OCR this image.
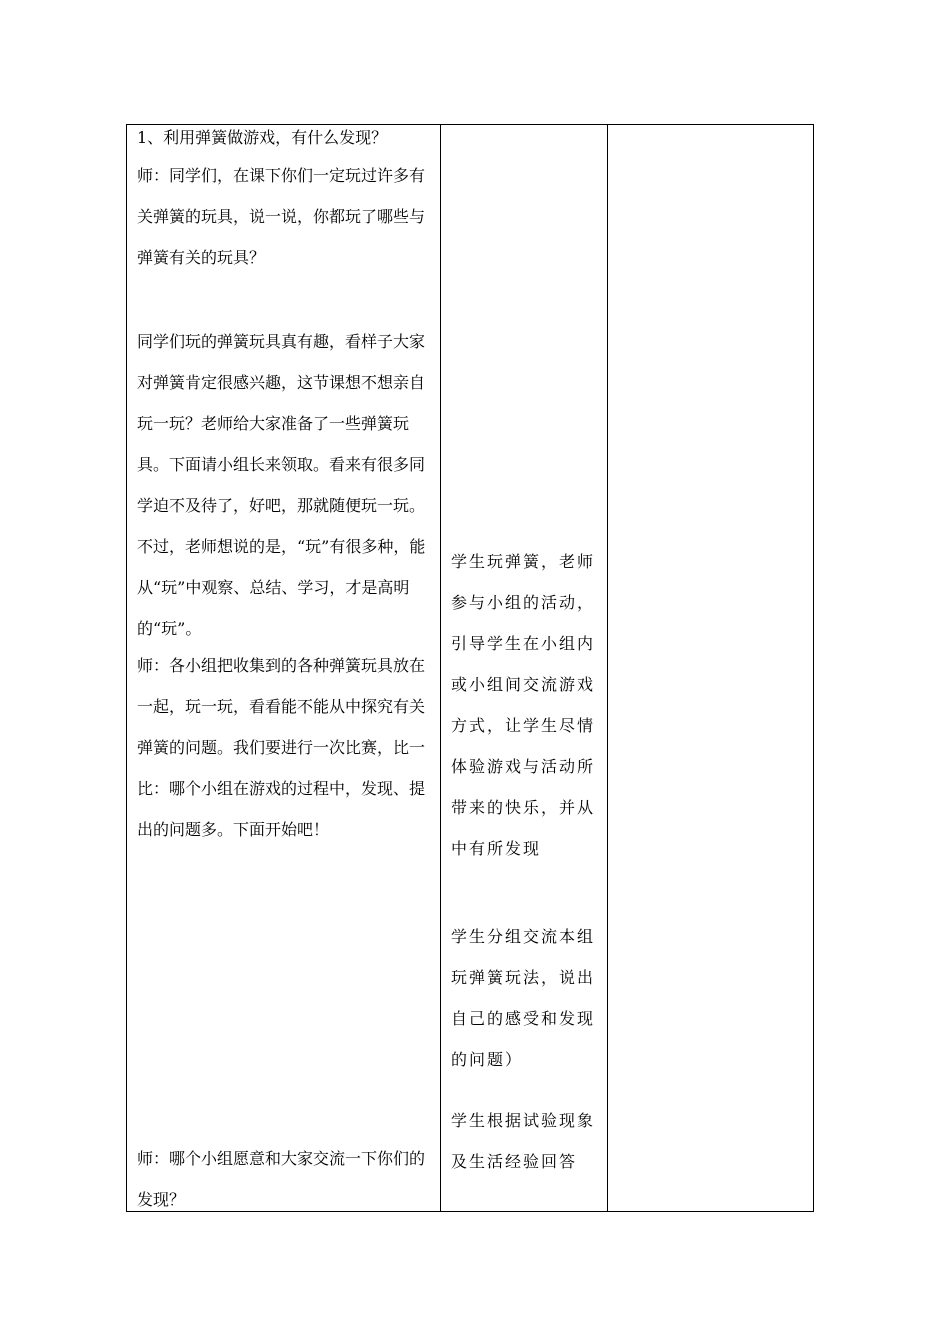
1、利用弹簧做游戏，有什么发现？

师：同学们，在课下你们一定玩过许多有关弹簧的玩具，说一说，你都玩了哪些与弹簧有关的玩具？

同学们玩的弹簧玩具真有趣，看样子大家对弹簧肯定很感兴趣，这节课想不想亲自玩一玩？老师给大家准备了一些弹簧玩具。下面请小组长来领取。看来有很多同学迫不及待了，好吧，那就随便玩一玩。不过，老师想说的是，“玩”有很多种，能从“玩”中观察、总结、学习，才是高明的“玩”。

师：各小组把收集到的各种弹簧玩具放在一起，玩一玩，看看能不能从中探究有关弹簧的问题。我们要进行一次比赛，比一比：哪个小组在游戏的过程中，发现、提出的问题多。下面开始吧！

师：哪个小组愿意和大家交流一下你们的发现？

学生玩弹簧，老师参与小组的活动，引导学生在小组内或小组间交流游戏方式，让学生尽情体验游戏与活动所带来的快乐，并从中有所发现

学生分组交流本组玩弹簧玩法，说出自己的感受和发现的问题）

学生根据试验现象及生活经验回答
